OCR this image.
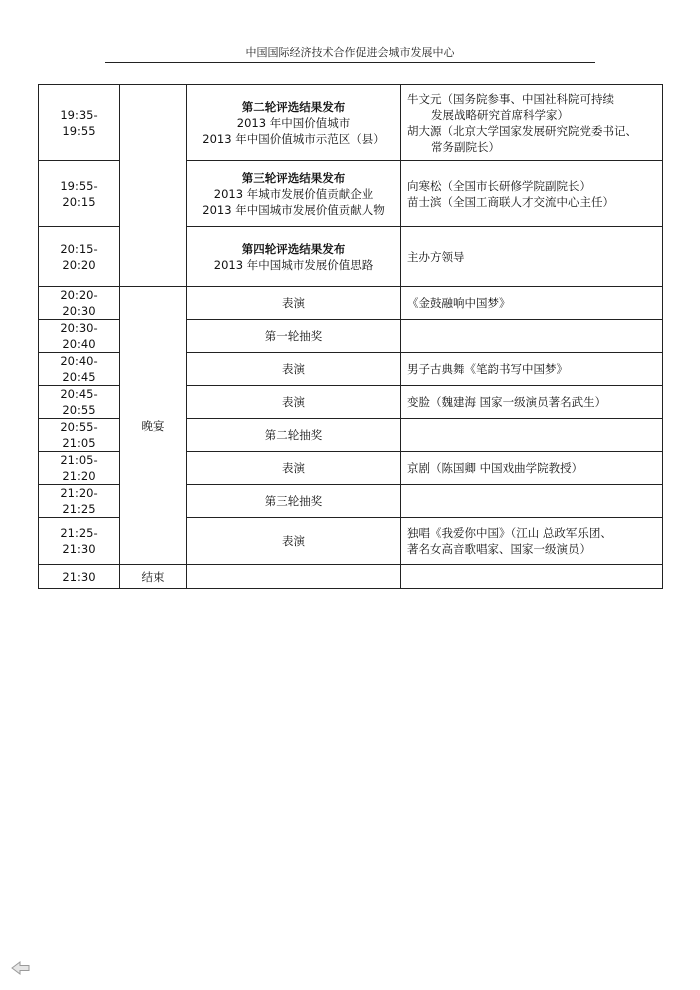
中国国际经济技术合作促进会城市发展中心
19:35-19:55		第二轮评选结果发布
2013 年中国价值城市
2013 年中国价值城市示范区（县）	牛文元（国务院参事、中国社科院可持续
发展战略研究首席科学家）
胡大源（北京大学国家发展研究院党委书记、
常务副院长）

19:55-20:15		第三轮评选结果发布
2013 年城市发展价值贡献企业
2013 年中国城市发展价值贡献人物	向寒松（全国市长研修学院副院长）
苗士滨（全国工商联人才交流中心主任）

20:15-20:20		第四轮评选结果发布
2013 年中国城市发展价值思路	主办方领导

20:20-20:30	晚宴	表演	《金鼓融响中国梦》
20:30-20:40		第一轮抽奖	
20:40-20:45		表演	男子古典舞《笔韵书写中国梦》
20:45-20:55		表演	变脸（魏建海 国家一级演员著名武生）
20:55-21:05		第二轮抽奖	
21:05-21:20		表演	京剧（陈国卿 中国戏曲学院教授）
21:20-21:25		第三轮抽奖	
21:25-21:30		表演	独唱《我爱你中国》（江山 总政军乐团、
著名女高音歌唱家、国家一级演员）

21:30	结束		
